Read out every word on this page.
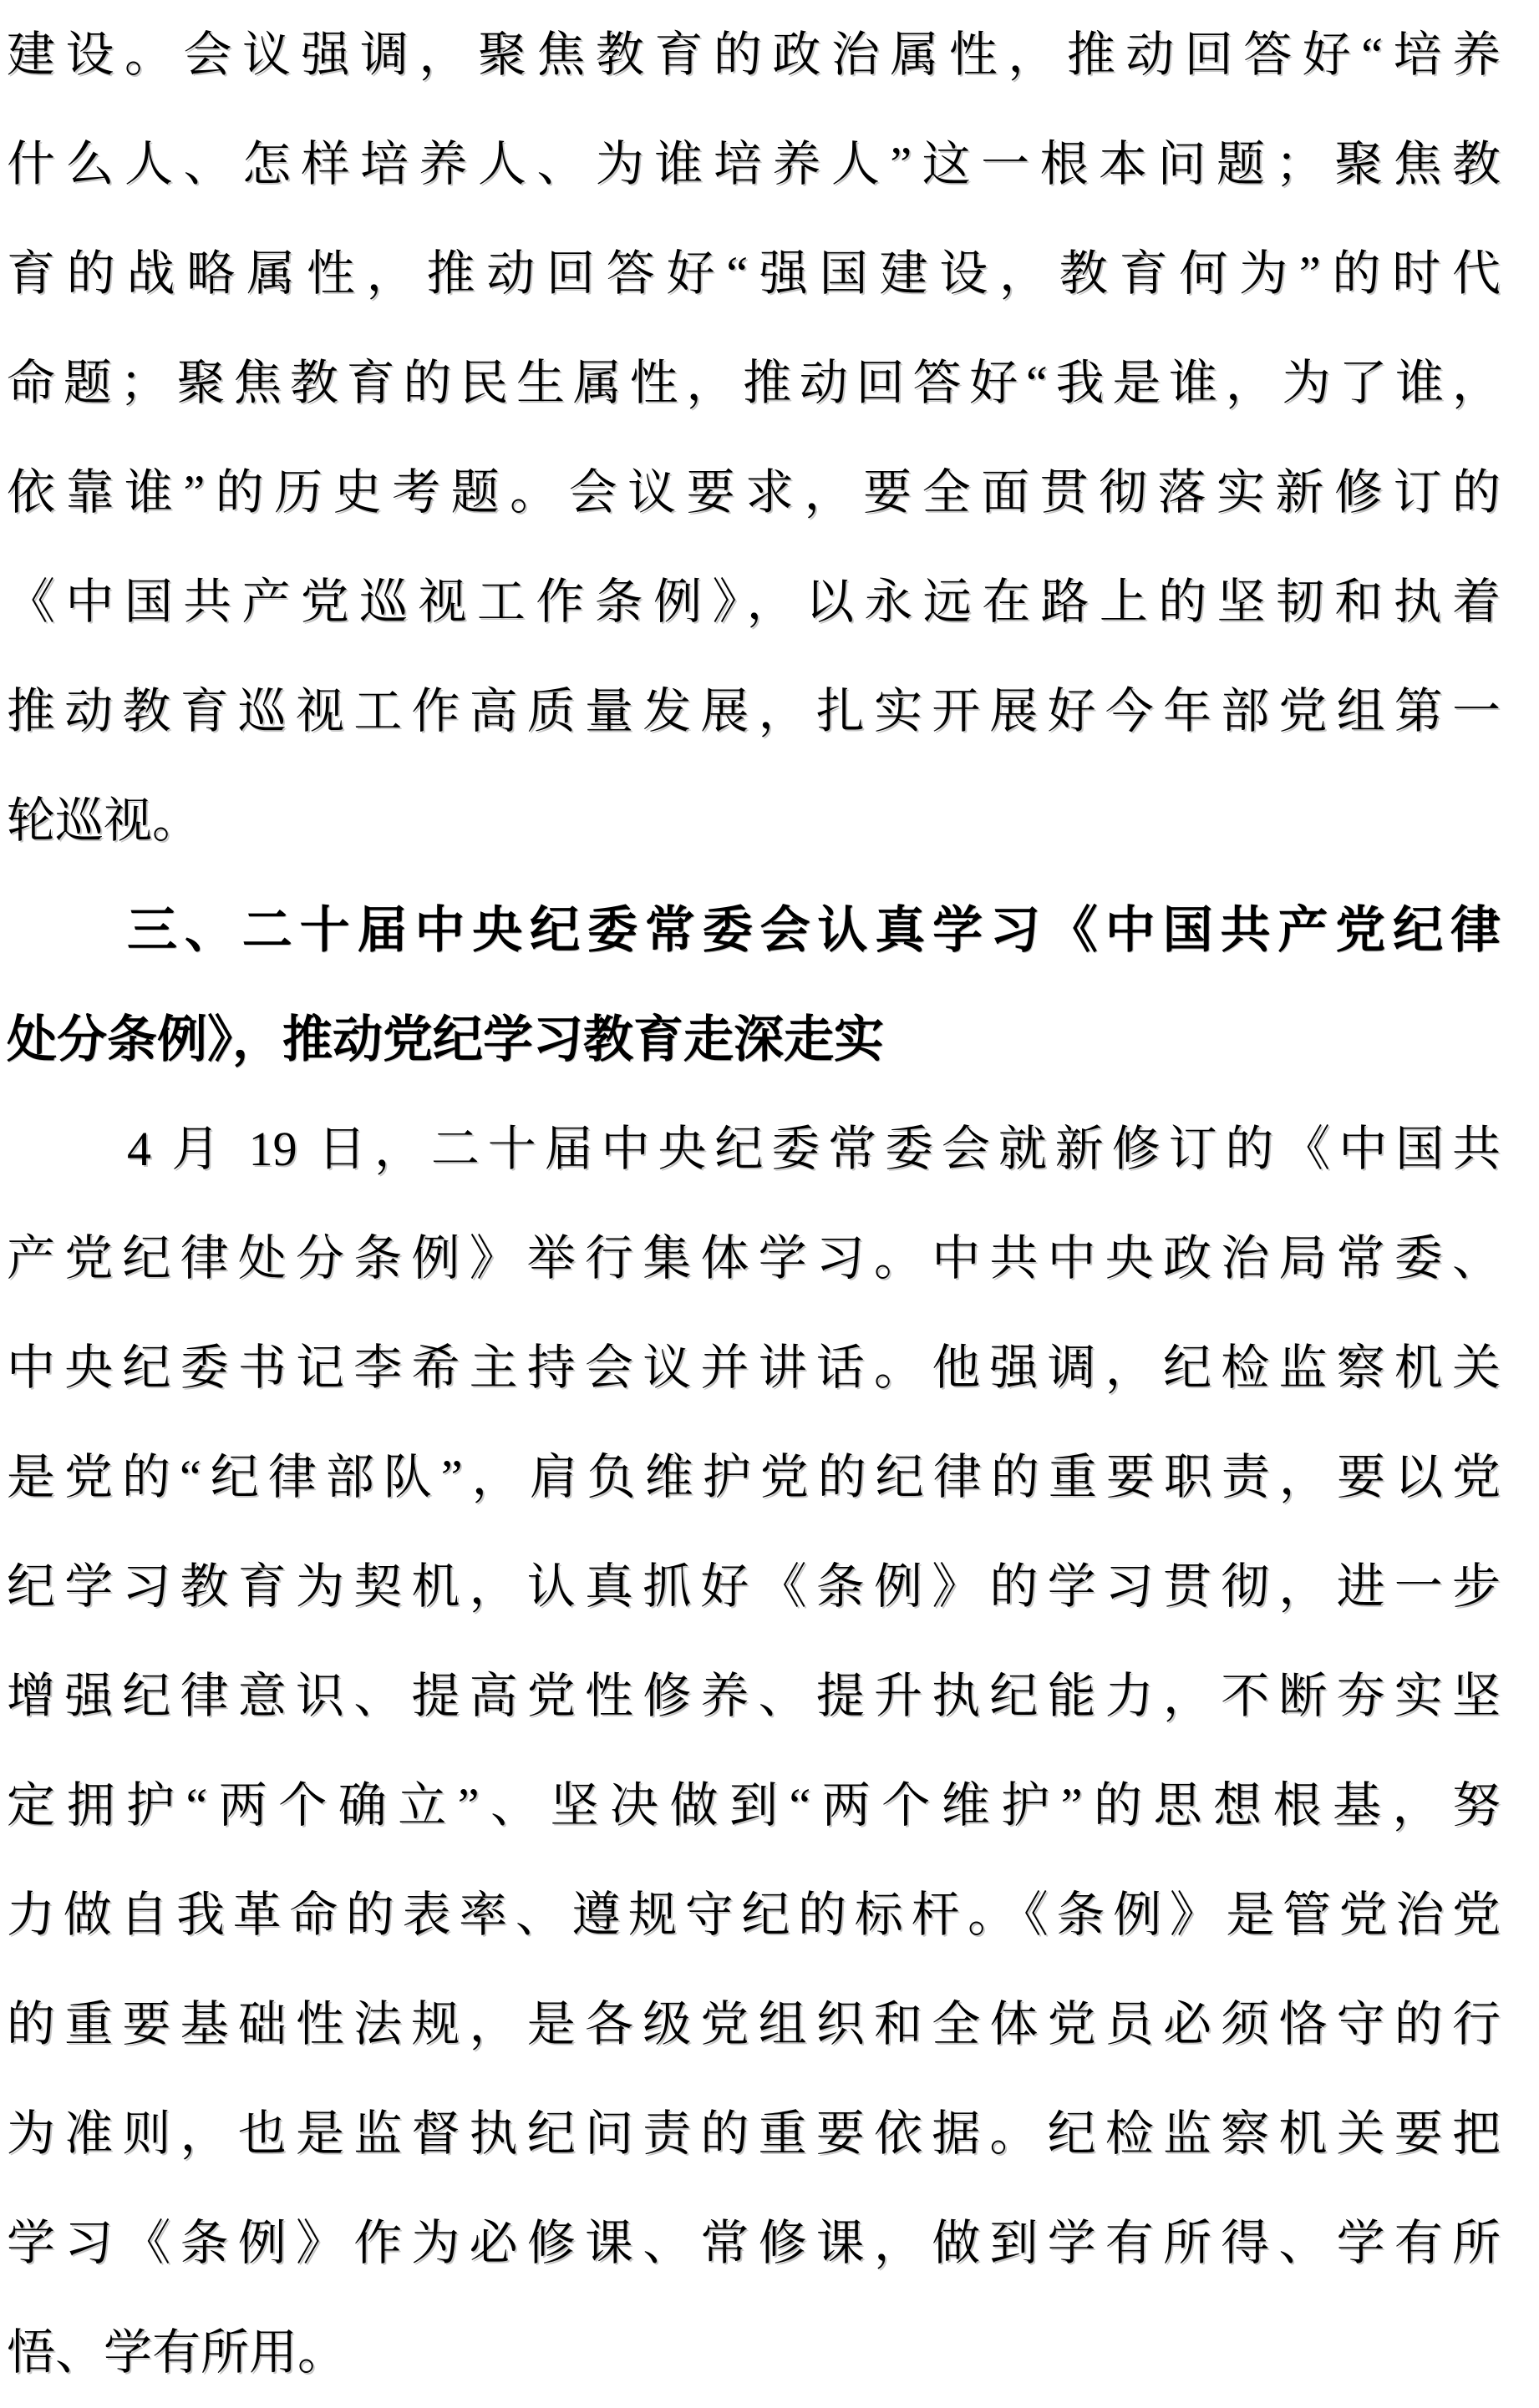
建设。会议强调，聚焦教育的政治属性，推动回答好“培养
什么人、怎样培养人、为谁培养人”这一根本问题；聚焦教
育的战略属性，推动回答好“强国建设，教育何为”的时代
命题；聚焦教育的民生属性，推动回答好“我是谁，为了谁，
依靠谁”的历史考题。会议要求，要全面贯彻落实新修订的
《中国共产党巡视工作条例》，以永远在路上的坚韧和执着
推动教育巡视工作高质量发展，扎实开展好今年部党组第一
轮巡视。
三、二十届中央纪委常委会认真学习《中国共产党纪律
处分条例》，推动党纪学习教育走深走实
4 月 19 日，二十届中央纪委常委会就新修订的《中国共
产党纪律处分条例》举行集体学习。中共中央政治局常委、
中央纪委书记李希主持会议并讲话。他强调，纪检监察机关
是党的“纪律部队”，肩负维护党的纪律的重要职责，要以党
纪学习教育为契机，认真抓好《条例》的学习贯彻，进一步
增强纪律意识、提高党性修养、提升执纪能力，不断夯实坚
定拥护“两个确立”、坚决做到“两个维护”的思想根基，努
力做自我革命的表率、遵规守纪的标杆。《条例》是管党治党
的重要基础性法规，是各级党组织和全体党员必须恪守的行
为准则，也是监督执纪问责的重要依据。纪检监察机关要把
学习《条例》作为必修课、常修课，做到学有所得、学有所
悟、学有所用。
